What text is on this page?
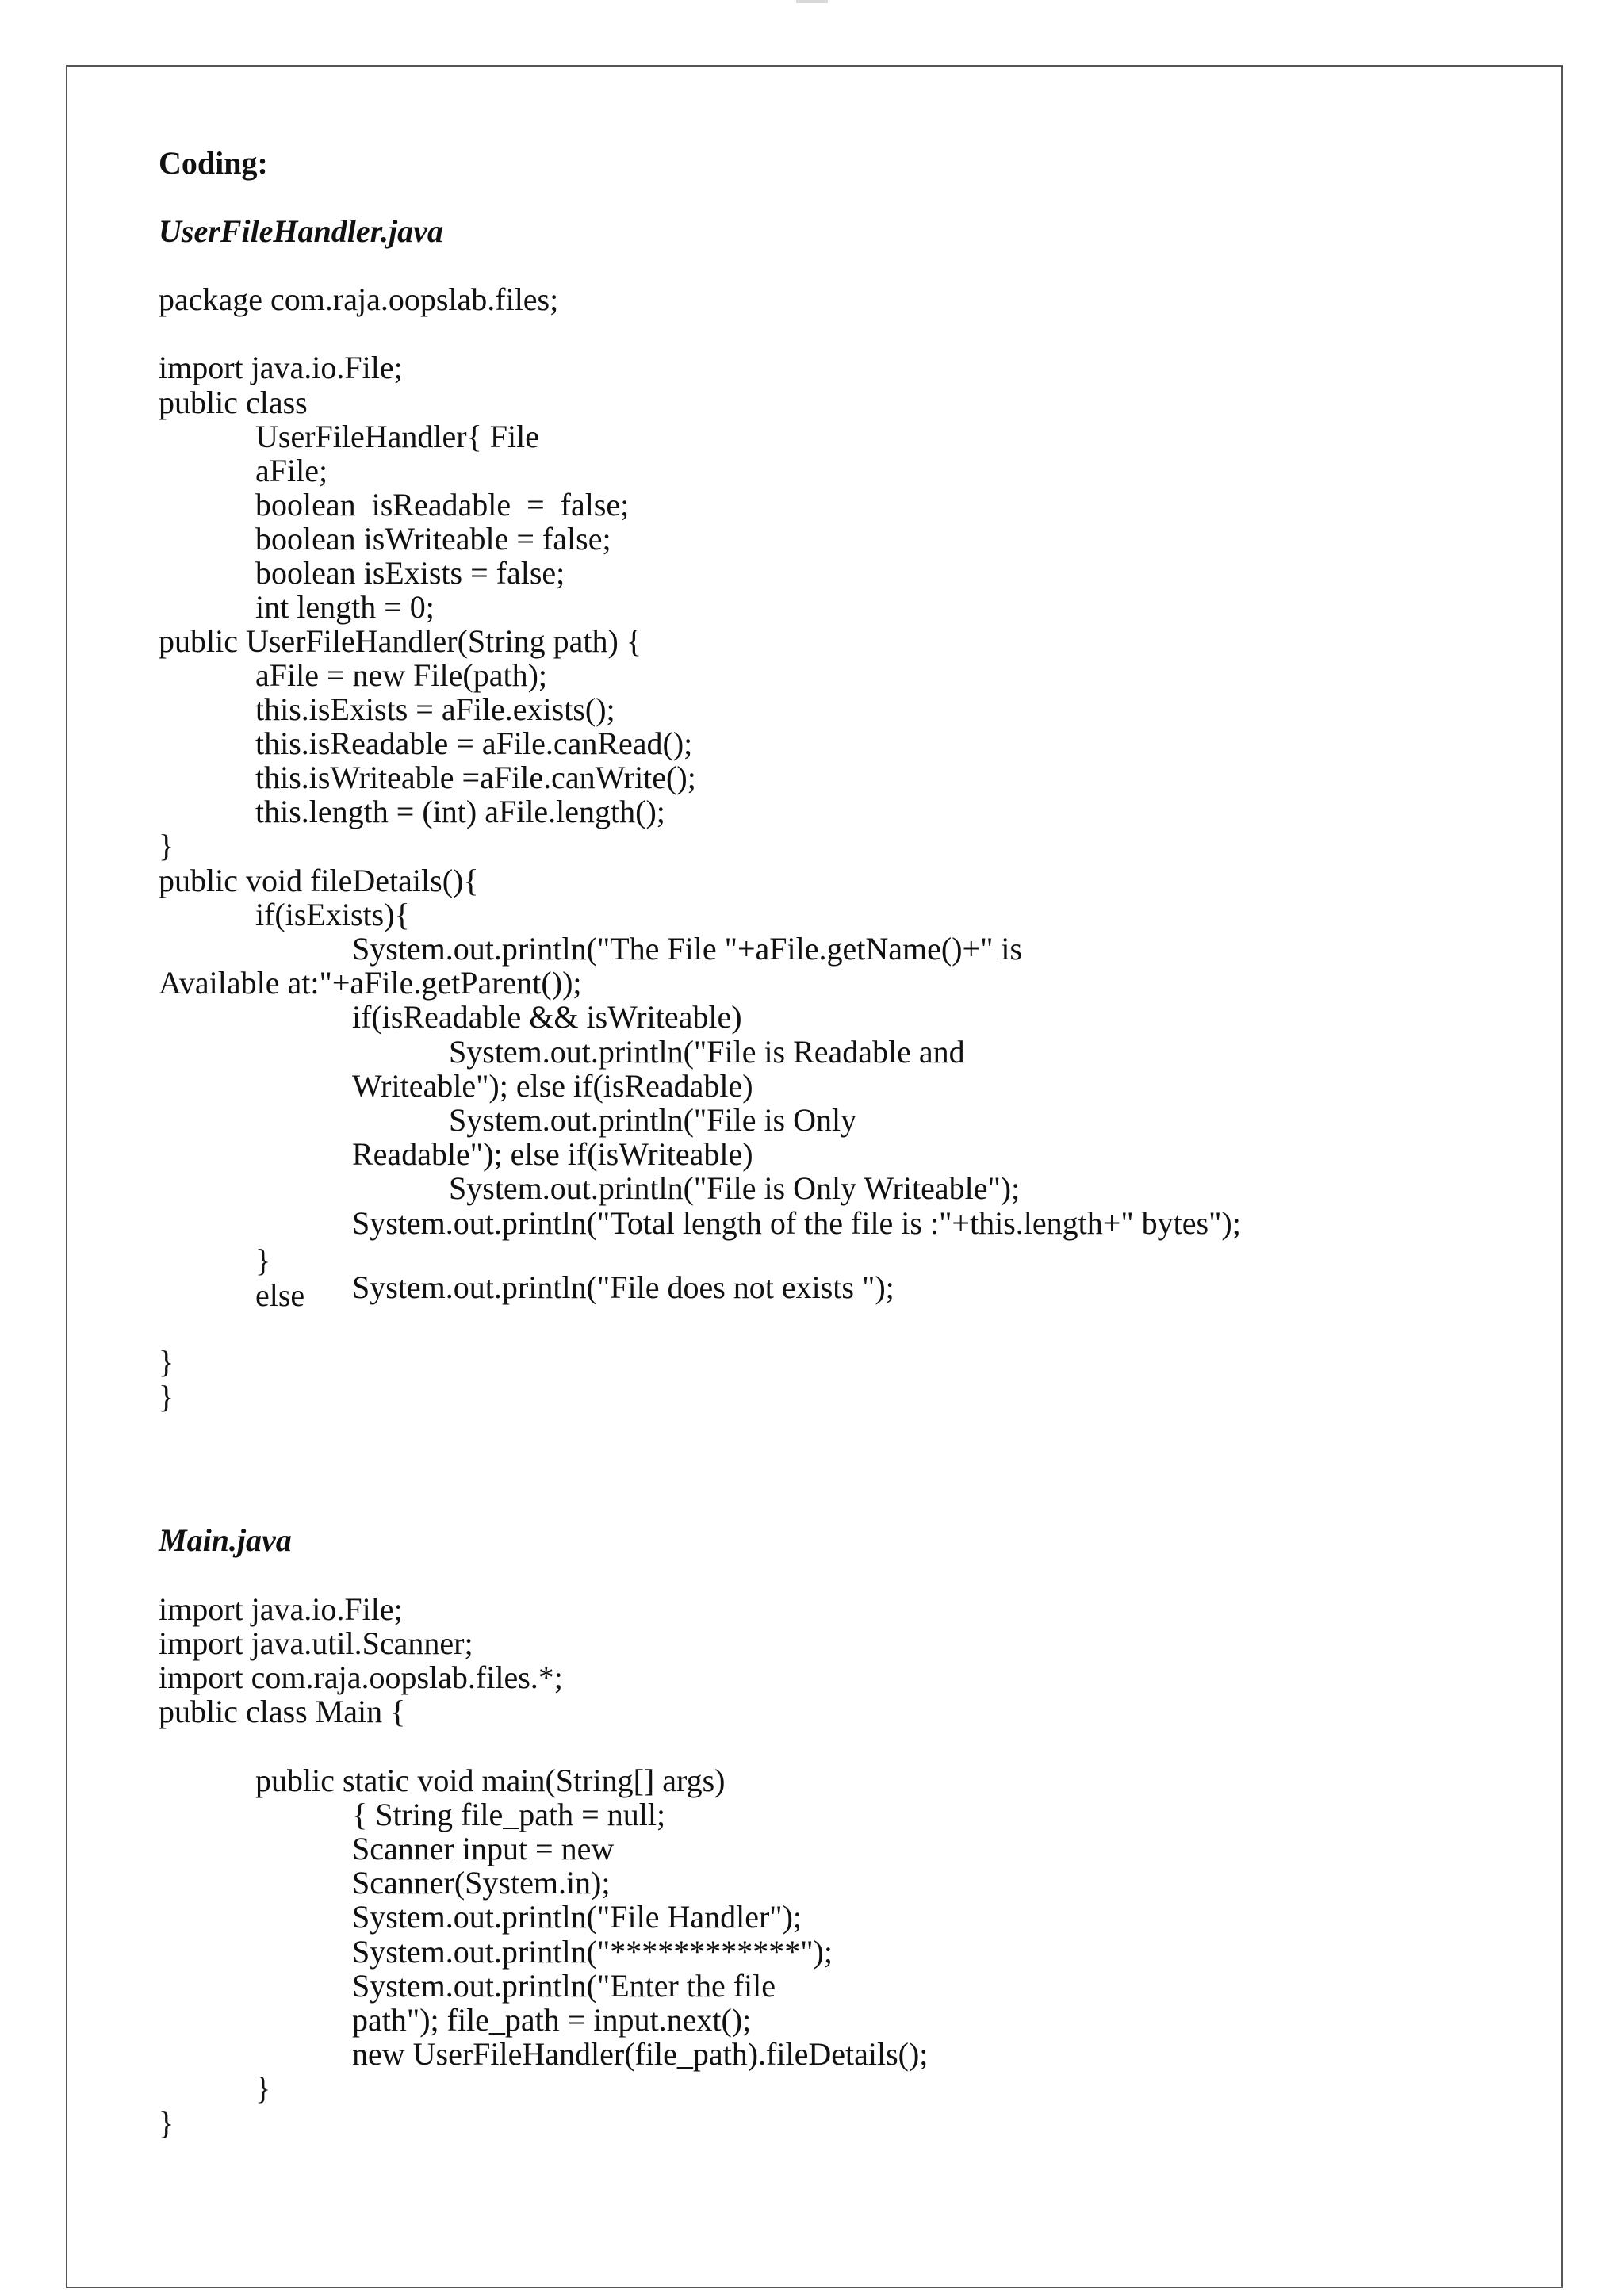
Coding:
UserFileHandler.java
package com.raja.oopslab.files;
import java.io.File;
public class
UserFileHandler{ File
aFile;
boolean  isReadable  =  false;
boolean isWriteable = false;
boolean isExists = false;
int length = 0;
public UserFileHandler(String path) {
aFile = new File(path);
this.isExists = aFile.exists();
this.isReadable = aFile.canRead();
this.isWriteable =aFile.canWrite();
this.length = (int) aFile.length();
}
public void fileDetails(){
if(isExists){
System.out.println("The File "+aFile.getName()+" is
Available at:"+aFile.getParent());
if(isReadable && isWriteable)
System.out.println("File is Readable and
Writeable"); else if(isReadable)
System.out.println("File is Only
Readable"); else if(isWriteable)
System.out.println("File is Only Writeable");
System.out.println("Total length of the file is :"+this.length+" bytes");
}
else System.out.println("File does not exists ");
}
}
Main.java
import java.io.File;
import java.util.Scanner;
import com.raja.oopslab.files.*;
public class Main {
public static void main(String[] args)
{ String file_path = null;
Scanner input = new
Scanner(System.in);
System.out.println("File Handler");
System.out.println("************");
System.out.println("Enter the file
path"); file_path = input.next();
new UserFileHandler(file_path).fileDetails();
}
}
